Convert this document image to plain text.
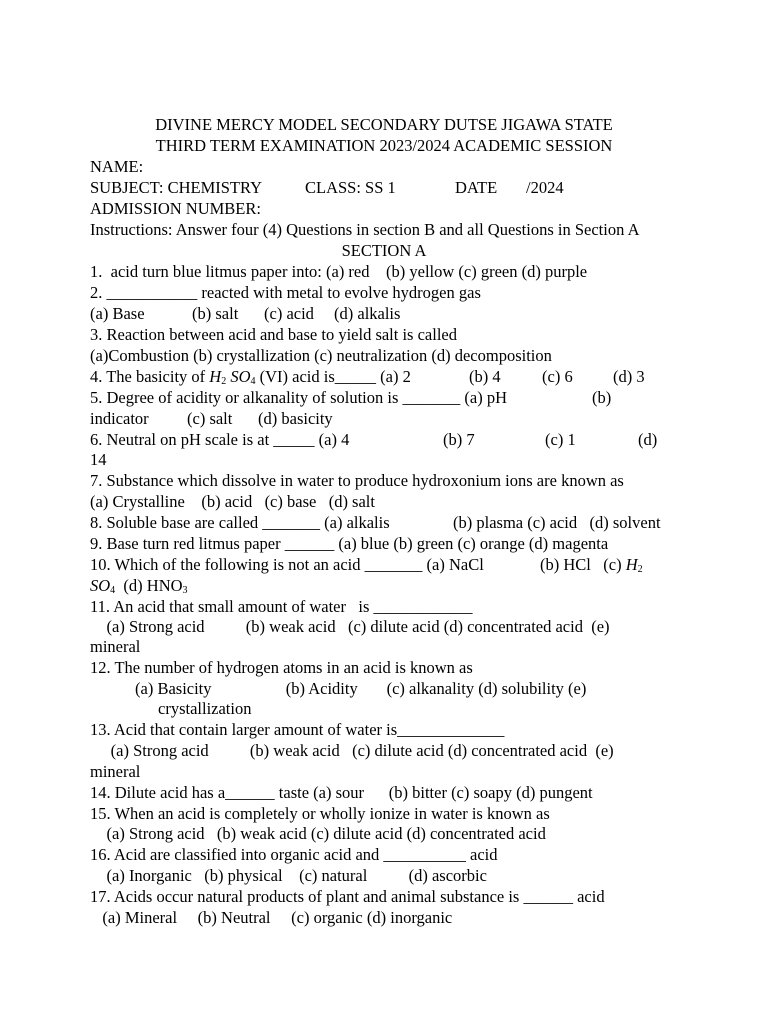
DIVINE MERCY MODEL SECONDARY DUTSE JIGAWA STATE
THIRD TERM EXAMINATION 2023/2024 ACADEMIC SESSION
NAME:
SUBJECT: CHEMISTRY	CLASS: SS 1	DATE       /2024
ADMISSION NUMBER:
Instructions: Answer four (4) Questions in section B and all Questions in Section A
SECTION A
1.  acid turn blue litmus paper into: (a) red    (b) yellow (c) green (d) purple
2. ___________ reacted with metal to evolve hydrogen gas
(a) Base	(b) salt (c) acid (d) alkalis
3. Reaction between acid and base to yield salt is called
(a)Combustion (b) crystallization (c) neutralization (d) decomposition
4. The basicity of $H_2$ $SO_4$ (VI) acid is_____ (a) 2	(b) 4	(c) 6 (d) 3
5. Degree of acidity or alkanality of solution is _______ (a) pH	(b)
indicator (c) salt (d) basicity
6. Neutral on pH scale is at _____ (a) 4	(b) 7	(c) 1	(d)
14
7. Substance which dissolve in water to produce hydroxonium ions are known as
(a) Crystalline    (b) acid   (c) base   (d) salt
8. Soluble base are called _______ (a) alkalis	(b) plasma (c) acid   (d) solvent
9. Base turn red litmus paper ______ (a) blue (b) green (c) orange (d) magenta
10. Which of the following is not an acid _______ (a) NaCl	(b) HCl   (c) $H_2$
$SO_4$  (d) $HNO_3$
11. An acid that small amount of water   is ____________
(a) Strong acid          (b) weak acid   (c) dilute acid (d) concentrated acid  (e)
mineral
12. The number of hydrogen atoms in an acid is known as
(a) Basicity                  (b) Acidity       (c) alkanality (d) solubility (e)
crystallization
13. Acid that contain larger amount of water is_____________
(a) Strong acid          (b) weak acid   (c) dilute acid (d) concentrated acid  (e)
mineral
14. Dilute acid has a______ taste (a) sour      (b) bitter (c) soapy (d) pungent
15. When an acid is completely or wholly ionize in water is known as
(a) Strong acid   (b) weak acid (c) dilute acid (d) concentrated acid
16. Acid are classified into organic acid and __________ acid
(a) Inorganic   (b) physical    (c) natural          (d) ascorbic
17. Acids occur natural products of plant and animal substance is ______ acid
(a) Mineral     (b) Neutral     (c) organic (d) inorganic
